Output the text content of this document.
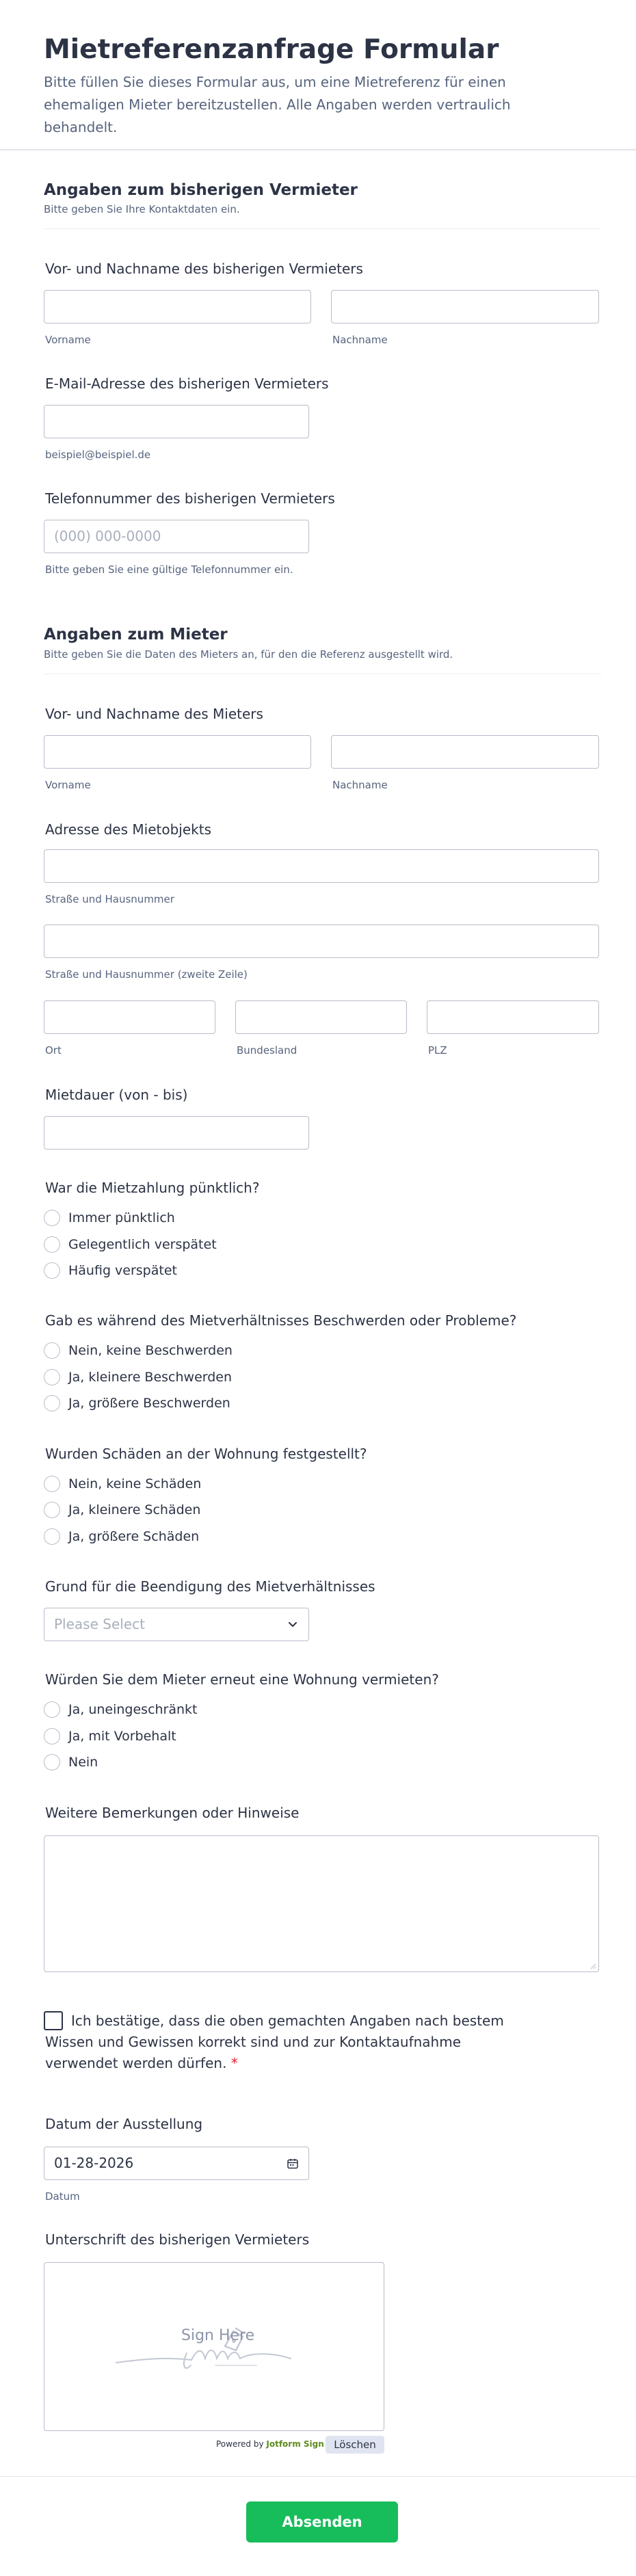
Mietreferenzanfrage Formular
Bitte füllen Sie dieses Formular aus, um eine Mietreferenz für einen ehemaligen Mieter bereitzustellen. Alle Angaben werden vertraulich behandelt.
Angaben zum bisherigen Vermieter
Bitte geben Sie Ihre Kontaktdaten ein.
Vor- und Nachname des bisherigen Vermieters
Vorname	Nachname
E-Mail-Adresse des bisherigen Vermieters
beispiel@beispiel.de
Telefonnummer des bisherigen Vermieters
(000) 000-0000
Bitte geben Sie eine gültige Telefonnummer ein.
Angaben zum Mieter
Bitte geben Sie die Daten des Mieters an, für den die Referenz ausgestellt wird.
Vor- und Nachname des Mieters
Vorname	Nachname
Adresse des Mietobjekts
Straße und Hausnummer
Straße und Hausnummer (zweite Zeile)
Ort	Bundesland	PLZ
Mietdauer (von - bis)
War die Mietzahlung pünktlich?
Immer pünktlich
Gelegentlich verspätet
Häufig verspätet
Gab es während des Mietverhältnisses Beschwerden oder Probleme?
Nein, keine Beschwerden
Ja, kleinere Beschwerden
Ja, größere Beschwerden
Wurden Schäden an der Wohnung festgestellt?
Nein, keine Schäden
Ja, kleinere Schäden
Ja, größere Schäden
Grund für die Beendigung des Mietverhältnisses
Please Select
Würden Sie dem Mieter erneut eine Wohnung vermieten?
Ja, uneingeschränkt
Ja, mit Vorbehalt
Nein
Weitere Bemerkungen oder Hinweise
Ich bestätige, dass die oben gemachten Angaben nach bestem Wissen und Gewissen korrekt sind und zur Kontaktaufnahme verwendet werden dürfen. *
Datum der Ausstellung
01-28-2026
Datum
Unterschrift des bisherigen Vermieters
Sign Here
Powered by Jotform Sign Löschen
Absenden
